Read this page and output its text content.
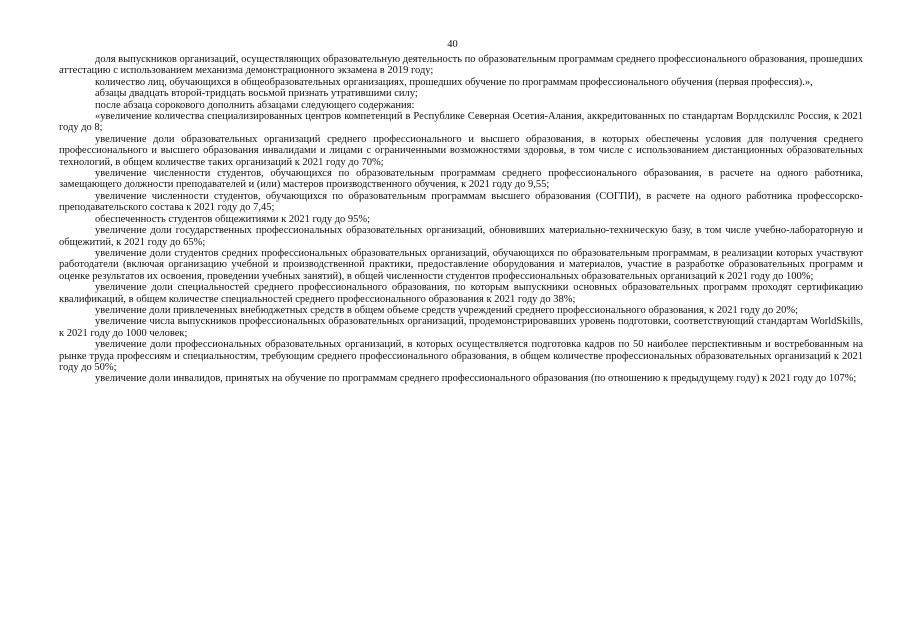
40

доля выпускников организаций, осуществляющих образовательную деятельность по образовательным программам среднего профессионального образования, прошедших аттестацию с использованием механизма демонстрационного экзамена в 2019 году;

количество лиц, обучающихся в общеобразовательных организациях, прошедших обучение по программам профессионального обучения (первая профессия).»,

абзацы двадцать второй-тридцать восьмой признать утратившими силу;

после абзаца сорокового дополнить абзацами следующего содержания:

«увеличение количества специализированных центров компетенций в Республике Северная Осетия-Алания, аккредитованных по стандартам Ворлдскиллс Россия, к 2021 году до 8;

увеличение доли образовательных организаций среднего профессионального и высшего образования, в которых обеспечены условия для получения среднего профессионального и высшего образования инвалидами и лицами с ограниченными возможностями здоровья, в том числе с использованием дистанционных образовательных технологий, в общем количестве таких организаций к 2021 году до 70%;

увеличение численности студентов, обучающихся по образовательным программам среднего профессионального образования, в расчете на одного работника, замещающего должности преподавателей и (или) мастеров производственного обучения, к 2021 году до 9,55;

увеличение численности студентов, обучающихся по образовательным программам высшего образования (СОГПИ), в расчете на одного работника профессорско-преподавательского состава к 2021 году до 7,45;

обеспеченность студентов общежитиями к 2021 году до 95%;

увеличение доли государственных профессиональных образовательных организаций, обновивших материально-техническую базу, в том числе учебно-лабораторную и общежитий, к 2021 году до 65%;

увеличение доли студентов средних профессиональных образовательных организаций, обучающихся по образовательным программам, в реализации которых участвуют работодатели (включая организацию учебной и производственной практики, предоставление оборудования и материалов, участие в разработке образовательных программ и оценке результатов их освоения, проведении учебных занятий), в общей численности студентов профессиональных образовательных организаций к 2021 году до 100%;

увеличение доли специальностей среднего профессионального образования, по которым выпускники основных образовательных программ проходят сертификацию квалификаций, в общем количестве специальностей среднего профессионального образования к 2021 году до 38%;

увеличение доли привлеченных внебюджетных средств в общем объеме средств учреждений среднего профессионального образования, к 2021 году до 20%;

увеличение числа выпускников профессиональных образовательных организаций, продемонстрировавших уровень подготовки, соответствующий стандартам WorldSkills, к 2021 году до 1000 человек;

увеличение доли профессиональных образовательных организаций, в которых осуществляется подготовка кадров по 50 наиболее перспективным и востребованным на рынке труда профессиям и специальностям, требующим среднего профессионального образования, в общем количестве профессиональных образовательных организаций к 2021 году до 50%;

увеличение доли инвалидов, принятых на обучение по программам среднего профессионального образования (по отношению к предыдущему году) к 2021 году до 107%;
